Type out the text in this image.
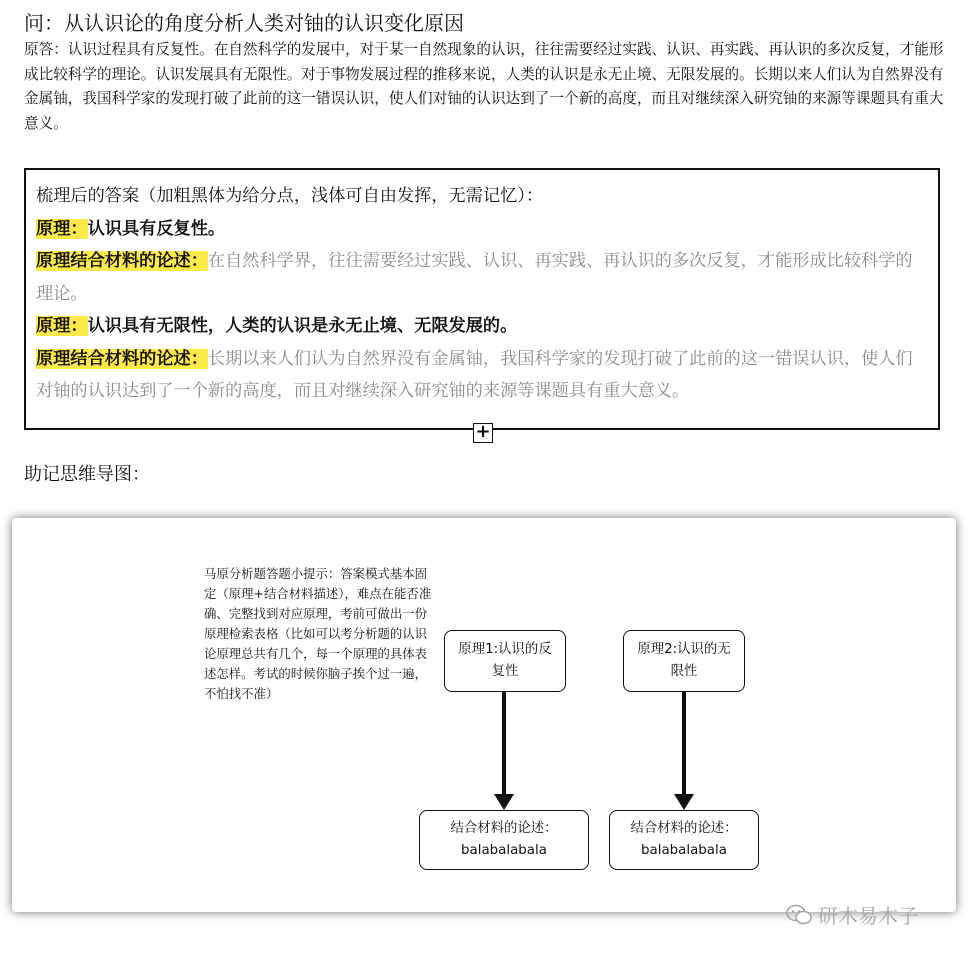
问：从认识论的角度分析人类对铀的认识变化原因
原答：认识过程具有反复性。在自然科学的发展中，对于某一自然现象的认识，往往需要经过实践、认识、再实践、再认识的多次反复，才能形成比较科学的理论。认识发展具有无限性。对于事物发展过程的推移来说，人类的认识是永无止境、无限发展的。长期以来人们认为自然界没有金属铀，我国科学家的发现打破了此前的这一错误认识，使人们对铀的认识达到了一个新的高度，而且对继续深入研究铀的来源等课题具有重大意义。
梳理后的答案（加粗黑体为给分点，浅体可自由发挥，无需记忆）：
原理：认识具有反复性。
原理结合材料的论述：在自然科学界，往往需要经过实践、认识、再实践、再认识的多次反复，才能形成比较科学的理论。
原理：认识具有无限性，人类的认识是永无止境、无限发展的。
原理结合材料的论述：长期以来人们认为自然界没有金属铀，我国科学家的发现打破了此前的这一错误认识，使人们对铀的认识达到了一个新的高度，而且对继续深入研究铀的来源等课题具有重大意义。
+
助记思维导图：
马原分析题答题小提示：答案模式基本固定（原理+结合材料描述），难点在能否准确、完整找到对应原理，考前可做出一份原理检索表格（比如可以考分析题的认识论原理总共有几个，每一个原理的具体表述怎样。考试的时候你脑子挨个过一遍，不怕找不准）
原理1:认识的反复性
原理2:认识的无限性
结合材料的论述：
balabalabala
结合材料的论述：
balabalabala
研木易木子
